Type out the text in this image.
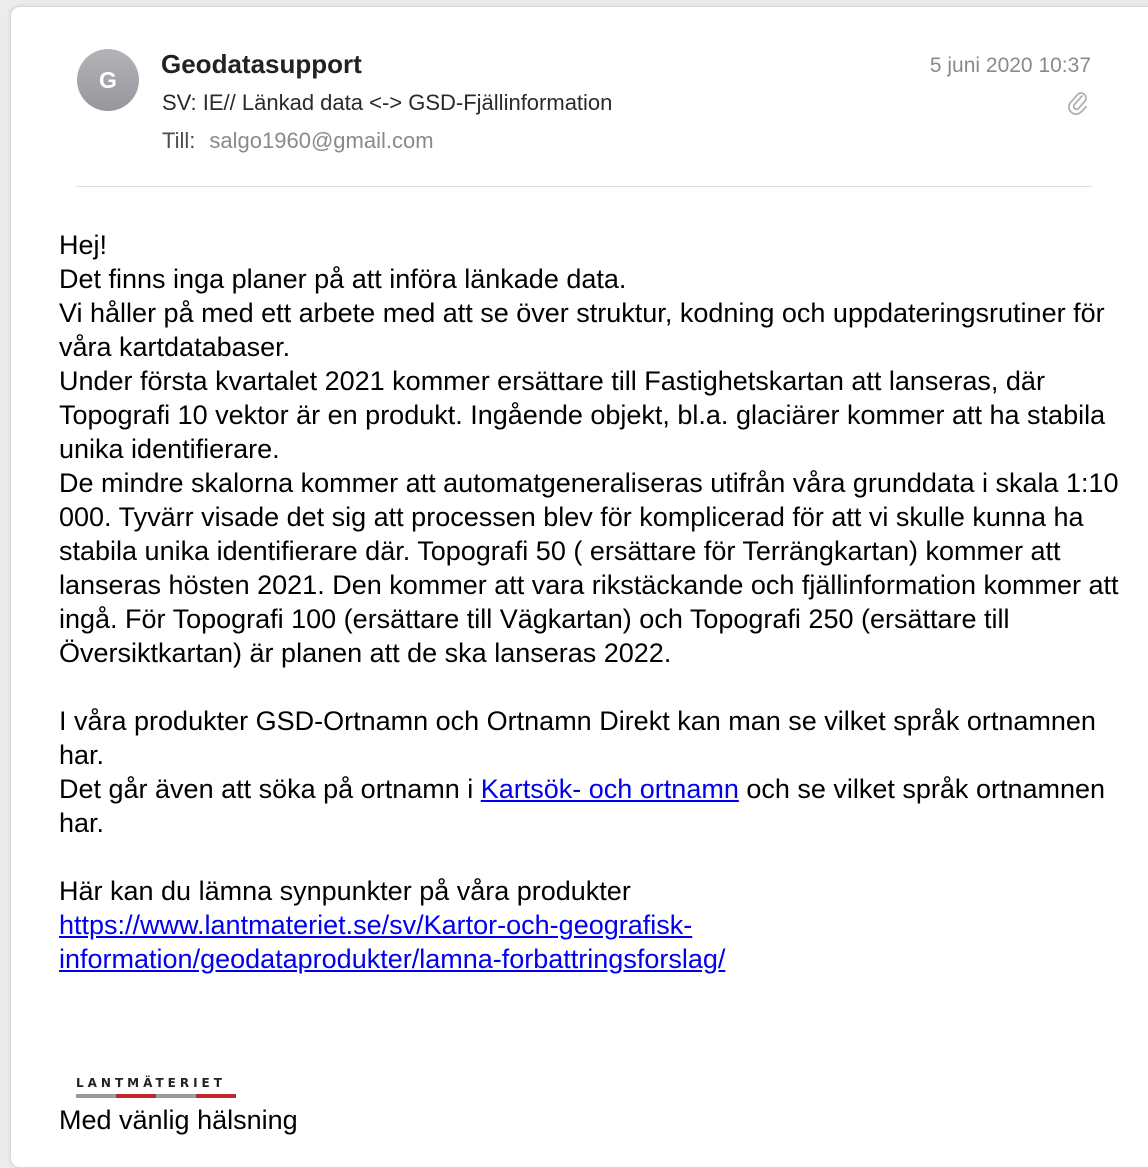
G
Geodatasupport
SV: IE// Länkad data <-> GSD-Fjällinformation
Till: salgo1960@gmail.com
5 juni 2020 10:37

Hej!

Det finns inga planer på att införa länkade data.

Vi håller på med ett arbete med att se över struktur, kodning och uppdateringsrutiner för våra kartdatabaser.

Under första kvartalet 2021 kommer ersättare till Fastighetskartan att lanseras, där Topografi 10 vektor är en produkt. Ingående objekt, bl.a. glaciärer kommer att ha stabila unika identifierare.

De mindre skalorna kommer att automatgeneraliseras utifrån våra grunddata i skala 1:10 000. Tyvärr visade det sig att processen blev för komplicerad för att vi skulle kunna ha stabila unika identifierare där. Topografi 50 ( ersättare för Terrängkartan) kommer att lanseras hösten 2021. Den kommer att vara rikstäckande och fjällinformation kommer att ingå. För Topografi 100 (ersättare till Vägkartan) och Topografi 250 (ersättare till Översiktkartan) är planen att de ska lanseras 2022.

I våra produkter GSD-Ortnamn och Ortnamn Direkt kan man se vilket språk ortnamnen har.

Det går även att söka på ortnamn i Kartsök- och ortnamn och se vilket språk ortnamnen har.

Här kan du lämna synpunkter på våra produkter

https://www.lantmateriet.se/sv/Kartor-och-geografisk-
information/geodataprodukter/lamna-forbattringsforslag/

LANTMÄTERIET
Med vänlig hälsning
